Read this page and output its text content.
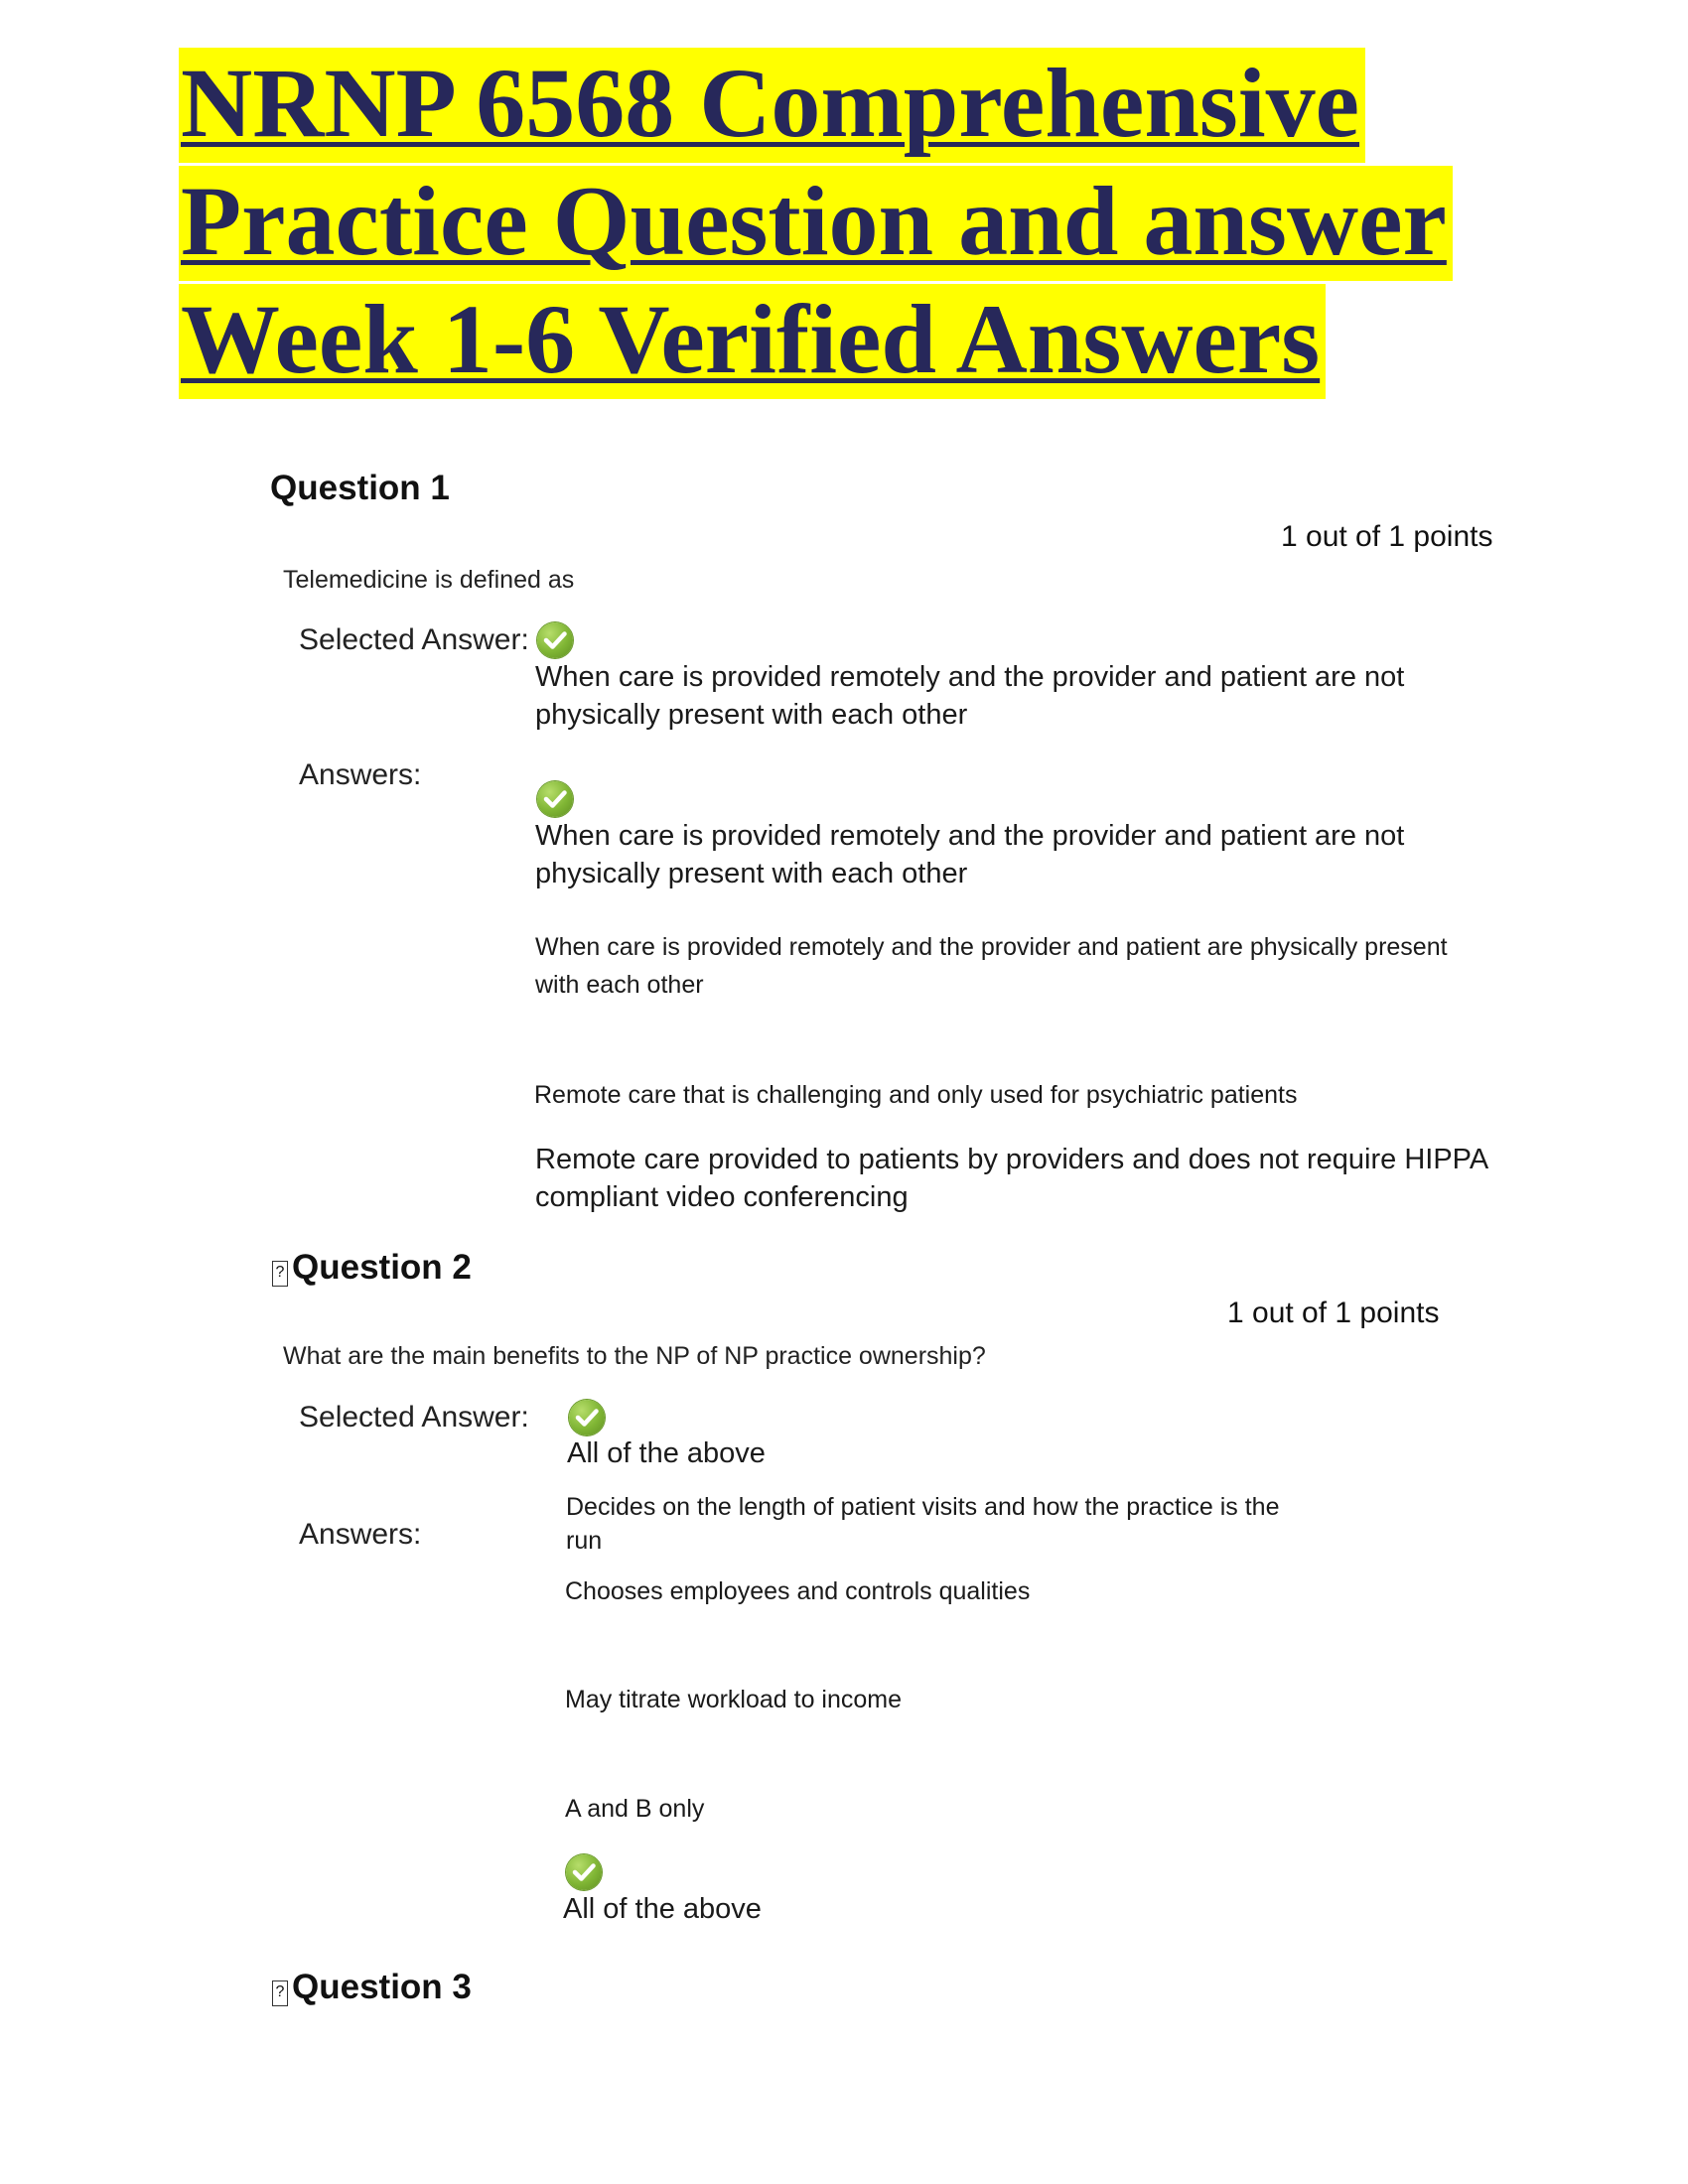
NRNP 6568 Comprehensive
Practice Question and answer
Week 1-6 Verified Answers
Question 1
1 out of 1 points
Telemedicine is defined as
Selected Answer:
When care is provided remotely and the provider and patient are not physically present with each other
Answers:
When care is provided remotely and the provider and patient are not physically present with each other
When care is provided remotely and the provider and patient are physically present with each other
Remote care that is challenging and only used for psychiatric patients
Remote care provided to patients by providers and does not require HIPPA compliant video conferencing
? Question 2
1 out of 1 points
What are the main benefits to the NP of NP practice ownership?
Selected Answer:
All of the above
Answers:
Decides on the length of patient visits and how the practice is the run
Chooses employees and controls qualities
May titrate workload to income
A and B only
All of the above
? Question 3
